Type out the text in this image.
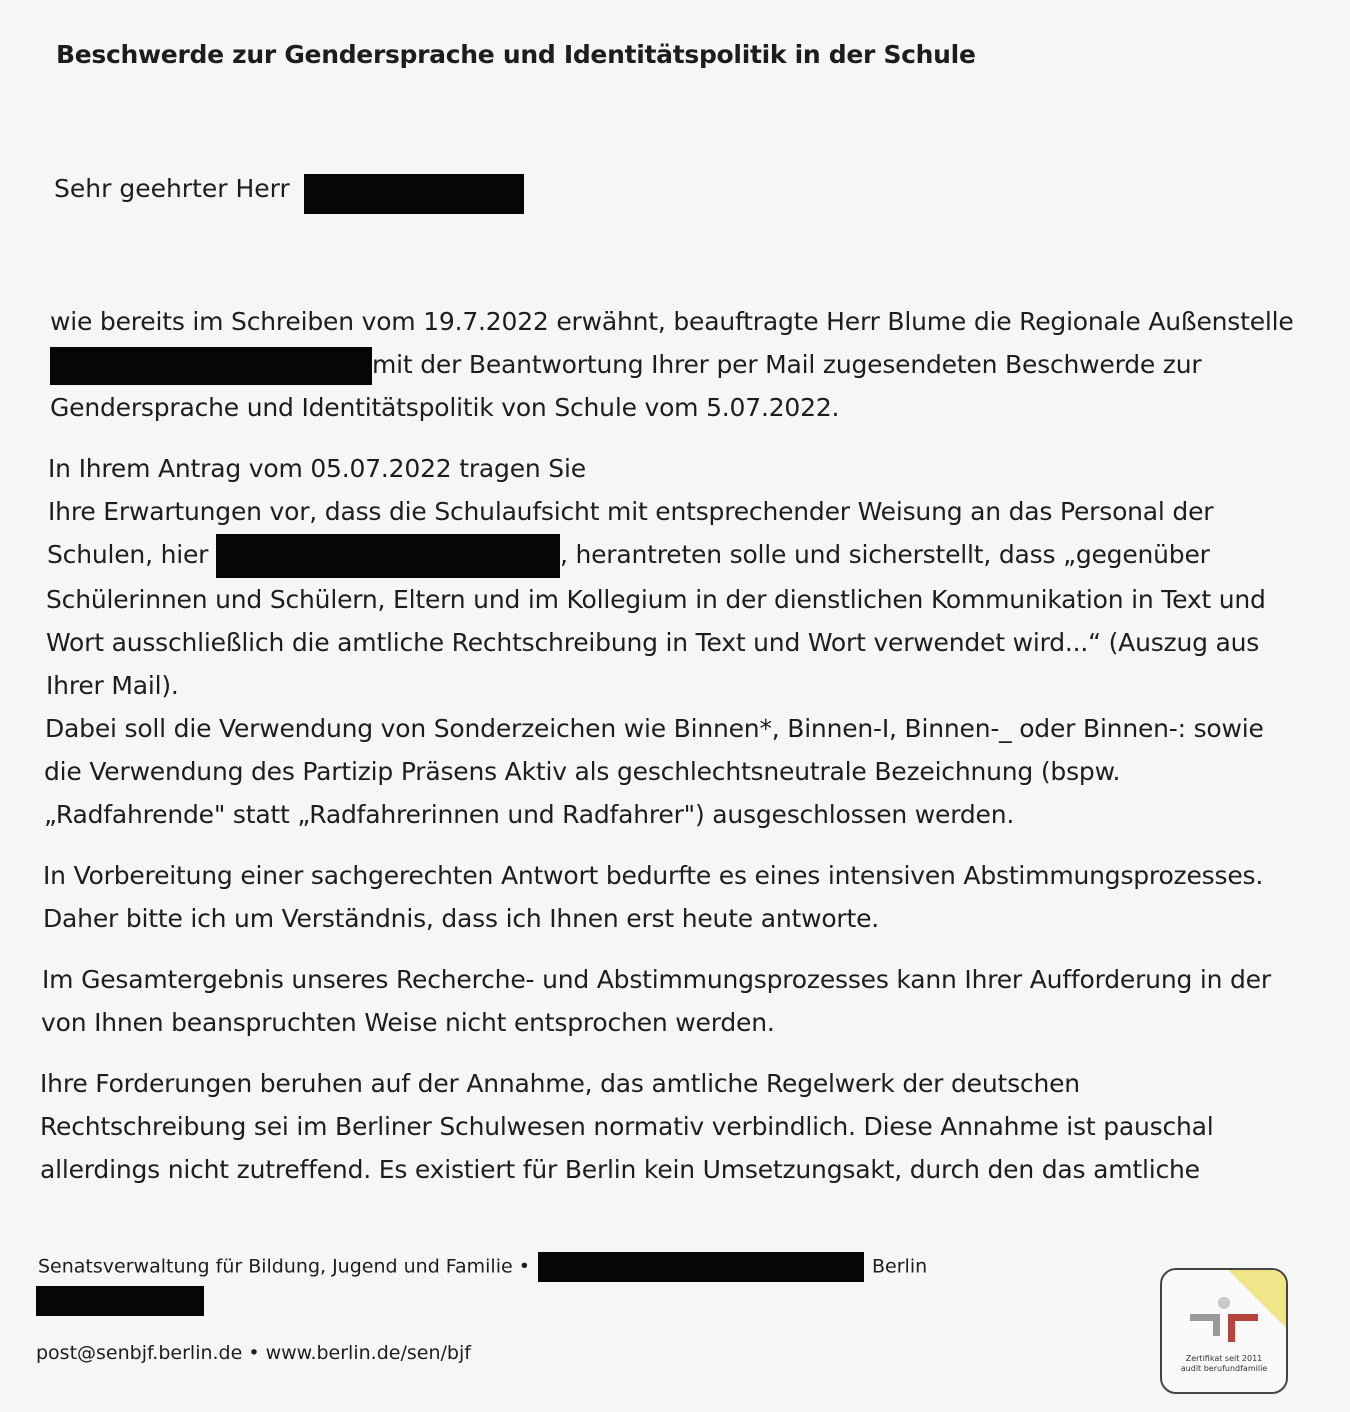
Beschwerde zur Gendersprache und Identitätspolitik in der Schule
Sehr geehrter Herr

wie bereits im Schreiben vom 19.7.2022 erwähnt, beauftragte Herr Blume die Regionale Außenstelle
mit der Beantwortung Ihrer per Mail zugesendeten Beschwerde zur
Gendersprache und Identitätspolitik von Schule vom 5.07.2022.

In Ihrem Antrag vom 05.07.2022 tragen Sie
Ihre Erwartungen vor, dass die Schulaufsicht mit entsprechender Weisung an das Personal der
Schulen, hier	, herantreten solle und sicherstellt, dass „gegenüber
Schülerinnen und Schülern, Eltern und im Kollegium in der dienstlichen Kommunikation in Text und
Wort ausschließlich die amtliche Rechtschreibung in Text und Wort verwendet wird...“ (Auszug aus
Ihrer Mail).
Dabei soll die Verwendung von Sonderzeichen wie Binnen*, Binnen-I, Binnen-_ oder Binnen-: sowie
die Verwendung des Partizip Präsens Aktiv als geschlechtsneutrale Bezeichnung (bspw.
„Radfahrende" statt „Radfahrerinnen und Radfahrer") ausgeschlossen werden.

In Vorbereitung einer sachgerechten Antwort bedurfte es eines intensiven Abstimmungsprozesses.
Daher bitte ich um Verständnis, dass ich Ihnen erst heute antworte.

Im Gesamtergebnis unseres Recherche- und Abstimmungsprozesses kann Ihrer Aufforderung in der
von Ihnen beanspruchten Weise nicht entsprochen werden.

Ihre Forderungen beruhen auf der Annahme, das amtliche Regelwerk der deutschen
Rechtschreibung sei im Berliner Schulwesen normativ verbindlich. Diese Annahme ist pauschal
allerdings nicht zutreffend. Es existiert für Berlin kein Umsetzungsakt, durch den das amtliche

Senatsverwaltung für Bildung, Jugend und Familie •	Berlin
post@senbjf.berlin.de • www.berlin.de/sen/bjf	Zertifikat seit 2011
audit berufundfamilie
